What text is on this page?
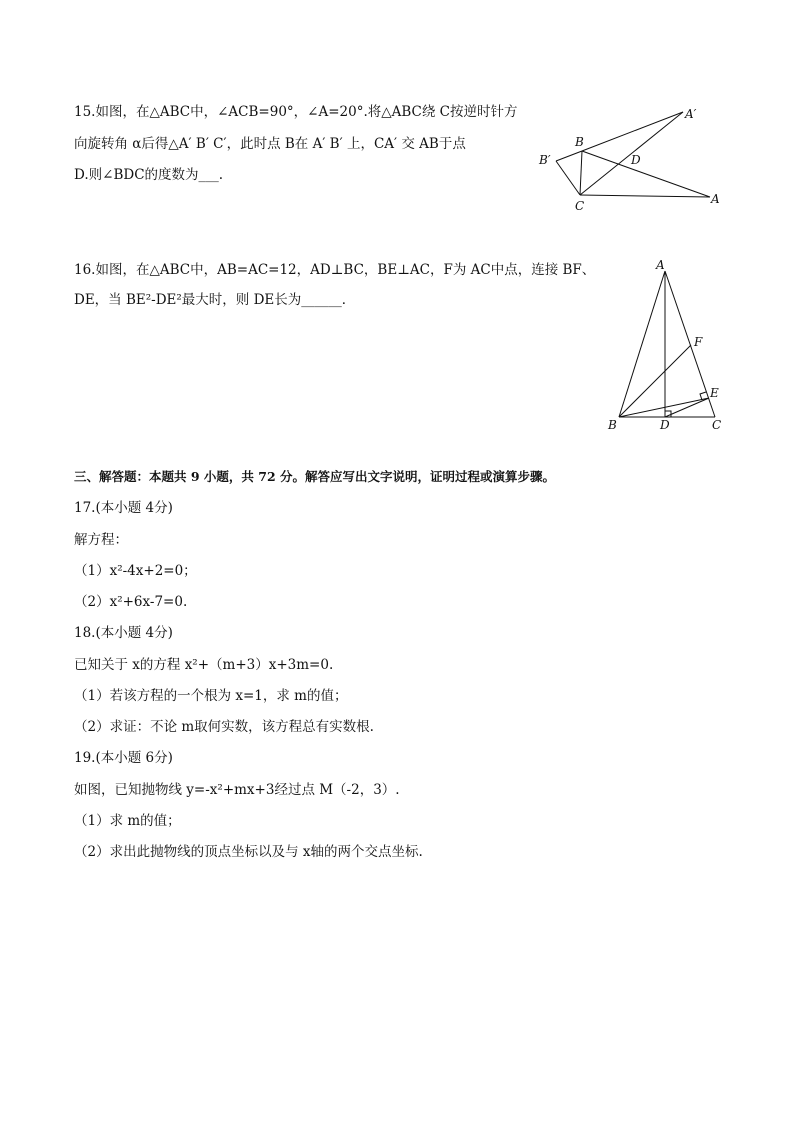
15.如图，在△ABC中，∠ACB=90°，∠A=20°.将△ABC绕 C按逆时针方
向旋转角 α后得△A′ B′ C′，此时点 B在 A′ B′ 上，CA′ 交 AB于点
D.则∠BDC的度数为___.
A′
B
B′	D
C	A
16.如图，在△ABC中，AB=AC=12，AD⊥BC，BE⊥AC，F为 AC中点，连接 BF、
DE，当 BE²-DE²最大时，则 DE长为______．
A
F
E
B	D	C
三、解答题：本题共 9 小题，共 72 分。解答应写出文字说明，证明过程或演算步骤。
17.(本小题 4分)
解方程：
（1）x²-4x+2=0；
（2）x²+6x-7=0.
18.(本小题 4分)
已知关于 x的方程 x²+（m+3）x+3m=0.
（1）若该方程的一个根为 x=1，求 m的值；
（2）求证：不论 m取何实数，该方程总有实数根.
19.(本小题 6分)
如图，已知抛物线 y=-x²+mx+3经过点 M（-2，3）.
（1）求 m的值；
（2）求出此抛物线的顶点坐标以及与 x轴的两个交点坐标.
